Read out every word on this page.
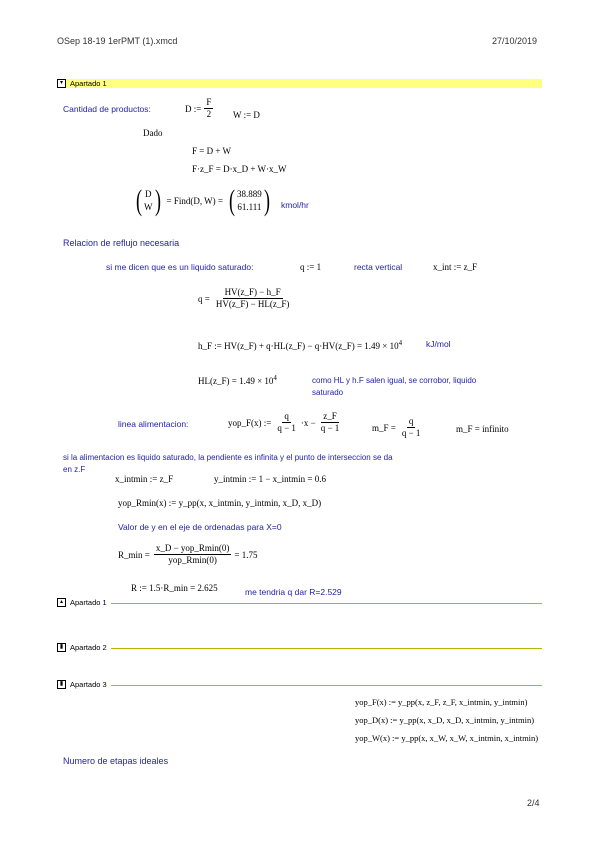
OSep 18-19 1erPMT (1).xmcd	27/10/2019
▾ Apartado 1
Cantidad de productos:	D := $\frac{F}{2}$ W := D
Dado
F = D + W
F·z_F = D·x_D + W·x_W
( D
W ) = Find(D, W) = ( 38.889
61.111 ) kmol/hr
Relacion de reflujo necesaria
si me dicen que es un liquido saturado:	q := 1	recta vertical	x_int := z_F
$q = \frac{HV(z\_F) - h\_F}{HV(z\_F) - HL(z\_F)}$
h_F := HV(z_F) + q·HL(z_F) − q·HV(z_F) = $1.49 \times 10^4$	kJ/mol
HL(z_F) = $1.49 \times 10^4$	como HL y h.F salen igual, se corrobor, liquido
saturado
linea alimentacion:	yop_F(x) := $\frac{q}{q - 1} \cdot x - \frac{z\_F}{q - 1}$	m_F = $\frac{q}{q - 1}$	m_F = infinito
si la alimentacion es liquido saturado, la pendiente es infinita y el punto de interseccion se da
en z.F
x_intmin := z_F	y_intmin := 1 − x_intmin = 0.6
yop_Rmin(x) := y_pp(x, x_intmin, y_intmin, x_D, x_D)
Valor de y en el eje de ordenadas para X=0
R_min = $\frac{\text{x\_D − yop\_Rmin(0)}}{\text{yop\_Rmin(0)}} = 1.75$
R := 1.5·R_min = 2.625	me tendria q dar R=2.529
▴ Apartado 1
▮ Apartado 2
▮ Apartado 3
yop_F(x) := y_pp(x, z_F, z_F, x_intmin, y_intmin)
yop_D(x) := y_pp(x, x_D, x_D, x_intmin, y_intmin)
yop_W(x) := y_pp(x, x_W, x_W, x_intmin, x_intmin)
Numero de etapas ideales
2/4
